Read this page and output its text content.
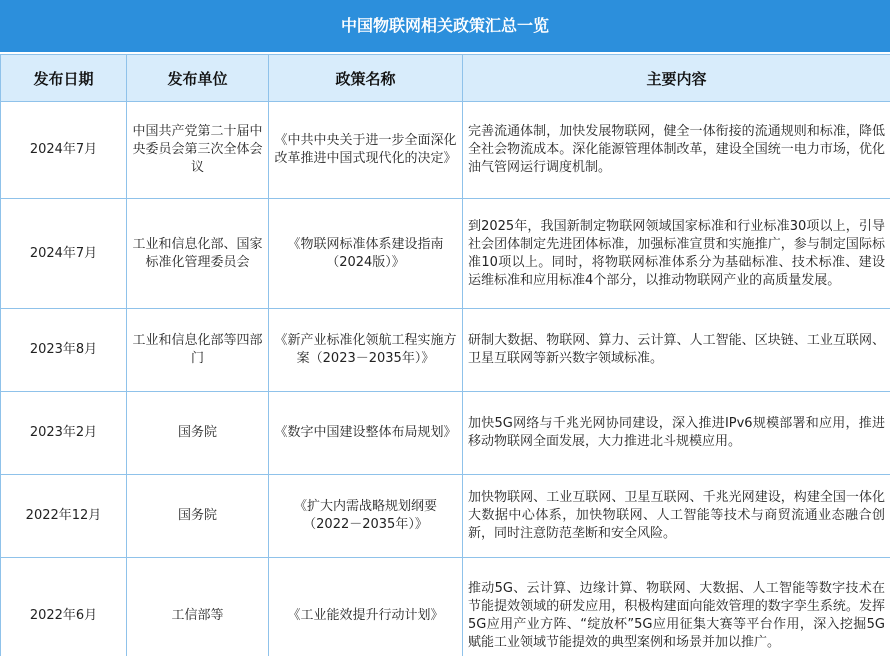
中国物联网相关政策汇总一览
发布日期	发布单位	政策名称	主要内容
2024年7月	中国共产党第二十届中央委员会第三次全体会议	《中共中央关于进一步全面深化改革推进中国式现代化的决定》	完善流通体制，加快发展物联网，健全一体衔接的流通规则和标准，降低全社会物流成本。深化能源管理体制改革，建设全国统一电力市场，优化油气管网运行调度机制。
2024年7月	工业和信息化部、国家标准化管理委员会	《物联网标准体系建设指南（2024版）》	到2025年，我国新制定物联网领域国家标准和行业标准30项以上，引导社会团体制定先进团体标准，加强标准宣贯和实施推广，参与制定国际标准10项以上。同时，将物联网标准体系分为基础标准、技术标准、建设运维标准和应用标准4个部分，以推动物联网产业的高质量发展。
2023年8月	工业和信息化部等四部门	《新产业标准化领航工程实施方案（2023－2035年）》	研制大数据、物联网、算力、云计算、人工智能、区块链、工业互联网、卫星互联网等新兴数字领域标准。
2023年2月	国务院	《数字中国建设整体布局规划》	加快5G网络与千兆光网协同建设，深入推进IPv6规模部署和应用，推进移动物联网全面发展，大力推进北斗规模应用。
2022年12月	国务院	《扩大内需战略规划纲要（2022－2035年）》	加快物联网、工业互联网、卫星互联网、千兆光网建设，构建全国一体化大数据中心体系，加快物联网、人工智能等技术与商贸流通业态融合创新，同时注意防范垄断和安全风险。
2022年6月	工信部等	《工业能效提升行动计划》	推动5G、云计算、边缘计算、物联网、大数据、人工智能等数字技术在节能提效领域的研发应用，积极构建面向能效管理的数字孪生系统。发挥5G应用产业方阵、“绽放杯”5G应用征集大赛等平台作用，深入挖掘5G赋能工业领域节能提效的典型案例和场景并加以推广。
